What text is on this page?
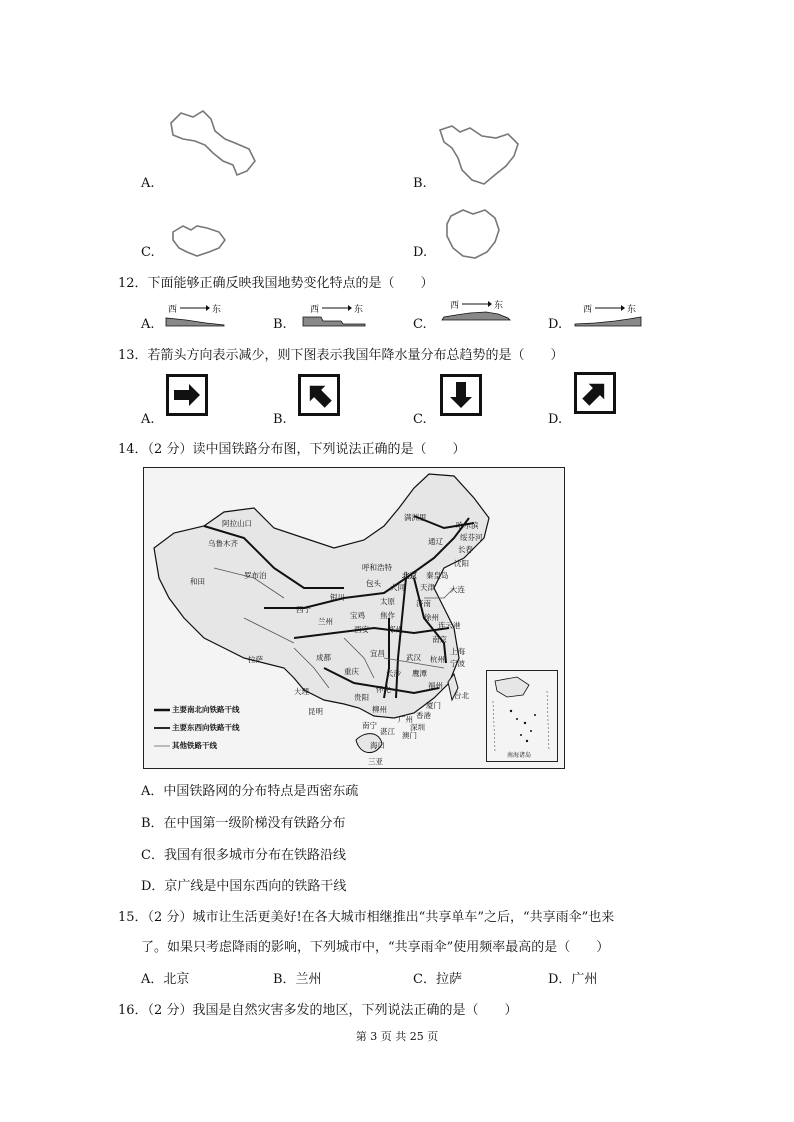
A.	B.
C.	D.
12．下面能够正确反映我国地势变化特点的是（　　）
A.
西	东
B.
西	东
C.
西	东
D.
西	东
13．若箭头方向表示减少，则下图表示我国年降水量分布总趋势的是（　　）
A.	B.	C.	D.
14．（2 分）读中国铁路分布图，下列说法正确的是（　　）
阿拉山口
乌鲁木齐
和田
罗布泊
满洲里
哈尔滨
绥芬河
通辽
长春
沈阳
呼和浩特
北京 秦皇岛
包头 大同 天津 大连
银川	太原	济南
西宁
兰州
宝鸡 焦作	徐州
连云港
西安	郑州
南京
上海
成都	宜昌	武汉 杭州 宁波
拉萨
重庆	长沙 鹰潭
福州
台北
大理
贵阳
怀化
昆明	柳州
广州
厦门
南宁
湛江 深圳
澳门
海口
三亚
香港
主要南北向铁路干线
主要东西向铁路干线
其他铁路干线
南海诸岛
A．中国铁路网的分布特点是西密东疏
B．在中国第一级阶梯没有铁路分布
C．我国有很多城市分布在铁路沿线
D．京广线是中国东西向的铁路干线
15．（2 分）城市让生活更美好!在各大城市相继推出“共享单车”之后，“共享雨伞”也来
了。如果只考虑降雨的影响，下列城市中，“共享雨伞”使用频率最高的是（　　）
A．北京	B．兰州	C．拉萨	D．广州
16．（2 分）我国是自然灾害多发的地区，下列说法正确的是（　　）
第 3 页 共 25 页
